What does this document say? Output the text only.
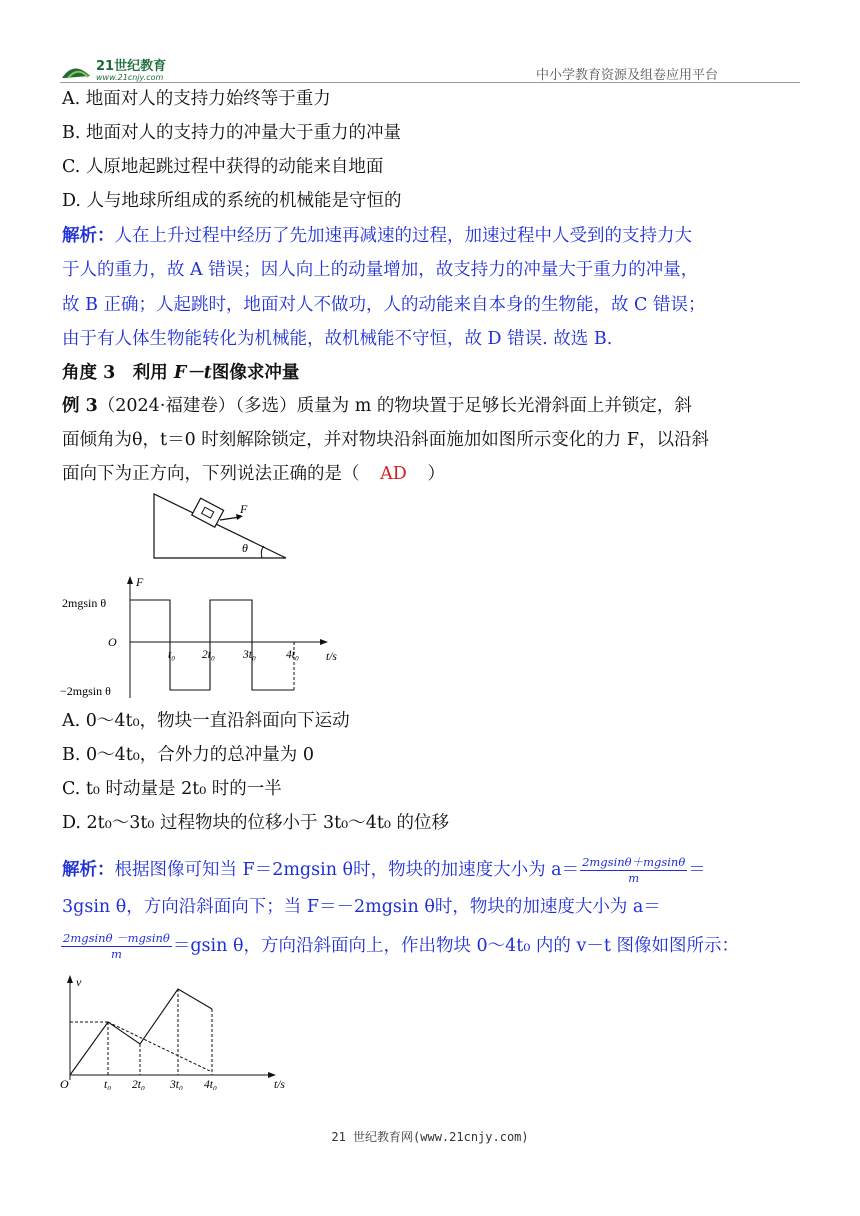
21世纪教育
www.21cnjy.com	中小学教育资源及组卷应用平台
A. 地面对人的支持力始终等于重力
B. 地面对人的支持力的冲量大于重力的冲量
C. 人原地起跳过程中获得的动能来自地面
D. 人与地球所组成的系统的机械能是守恒的
解析：人在上升过程中经历了先加速再减速的过程，加速过程中人受到的支持力大
于人的重力，故 A 错误；因人向上的动量增加，故支持力的冲量大于重力的冲量，
故 B 正确；人起跳时，地面对人不做功，人的动能来自本身的生物能，故 C 错误；
由于有人体生物能转化为机械能，故机械能不守恒，故 D 错误. 故选 B.
角度 3　利用 F－t图像求冲量
例 3（2024·福建卷）（多选）质量为 m 的物块置于足够长光滑斜面上并锁定，斜
面倾角为θ，t＝0 时刻解除锁定，并对物块沿斜面施加如图所示变化的力 F，以沿斜
面向下为正方向，下列说法正确的是（ AD ）
F
θ
F
2mgsin θ
O
−2mgsin θ
t₀ 2t₀ 3t₀	4t₀ t/s
A. 0～4t₀，物块一直沿斜面向下运动
B. 0～4t₀，合外力的总冲量为 0
C. t₀ 时动量是 2t₀ 时的一半
D. 2t₀～3t₀ 过程物块的位移小于 3t₀～4t₀ 的位移
解析：根据图像可知当 F＝2mgsin θ时，物块的加速度大小为 $a= \frac{2mgsin\theta+mgsin\theta}{m}$ ＝
3gsin θ，方向沿斜面向下；当 F＝－2mgsin θ时，物块的加速度大小为 a＝
$\frac{2mgsin\theta -mgsin\theta}{m} =gsin$ θ，方向沿斜面向上，作出物块 0～4t₀ 内的 v－t 图像如图所示：
v
O	t₀ 2t₀ 3t₀ 4t₀	t/s
21 世纪教育网(www.21cnjy.com)
